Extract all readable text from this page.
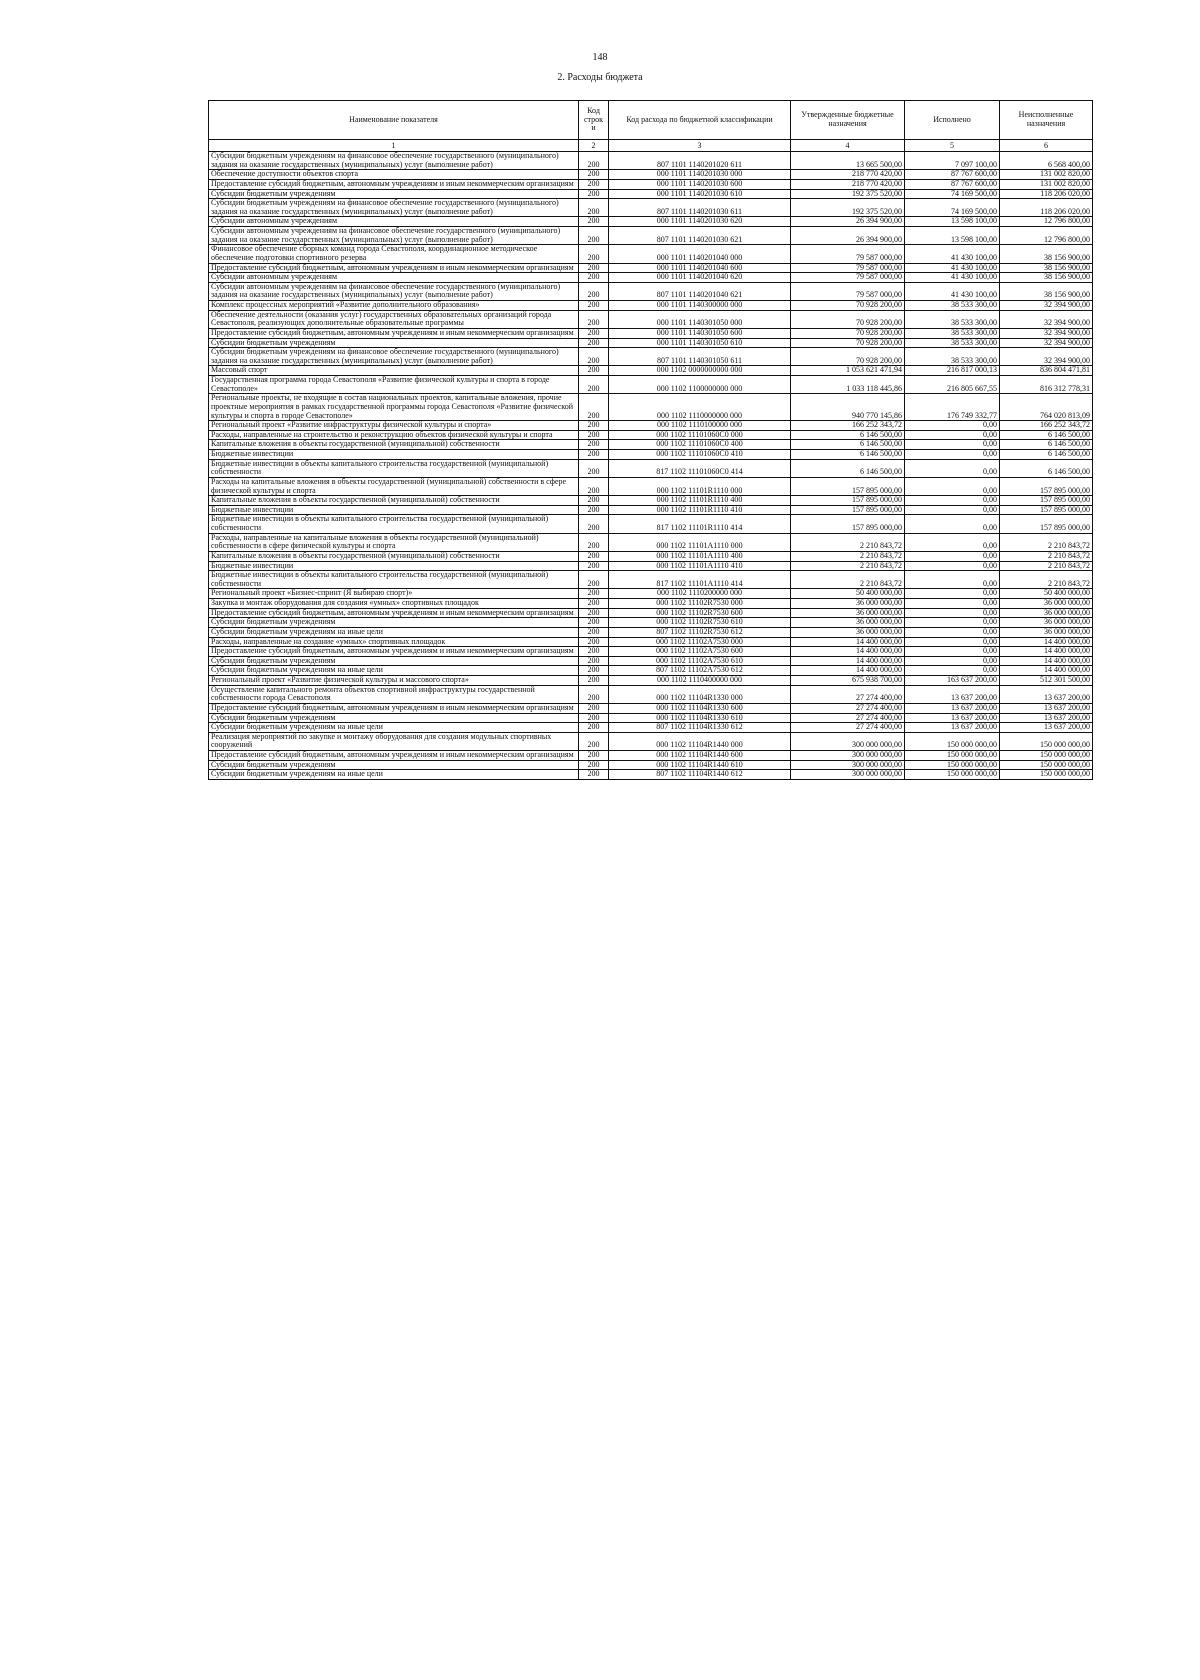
148
2. Расходы бюджета
Наименование показателя	Код строк и	Код расхода по бюджетной классификации	Утвержденные бюджетные назначения	Исполнено	Неисполненные назначения
1	2	3	4	5	6
Субсидии бюджетным учреждениям на финансовое обеспечение государственного (муниципального) задания на оказание государственных (муниципальных) услуг (выполнение работ)	200	807 1101 1140201020 611	13 665 500,00	7 097 100,00	6 568 400,00
Обеспечение доступности объектов спорта	200	000 1101 1140201030 000	218 770 420,00	87 767 600,00	131 002 820,00
Предоставление субсидий бюджетным, автономным учреждениям и иным некоммерческим организациям	200	000 1101 1140201030 600	218 770 420,00	87 767 600,00	131 002 820,00
Субсидии бюджетным учреждениям	200	000 1101 1140201030 610	192 375 520,00	74 169 500,00	118 206 020,00
Субсидии бюджетным учреждениям на финансовое обеспечение государственного (муниципального) задания на оказание государственных (муниципальных) услуг (выполнение работ)	200	807 1101 1140201030 611	192 375 520,00	74 169 500,00	118 206 020,00
Субсидии автономным учреждениям	200	000 1101 1140201030 620	26 394 900,00	13 598 100,00	12 796 800,00
Субсидии автономным учреждениям на финансовое обеспечение государственного (муниципального) задания на оказание государственных (муниципальных) услуг (выполнение работ)	200	807 1101 1140201030 621	26 394 900,00	13 598 100,00	12 796 800,00
Финансовое обеспечение сборных команд города Севастополя, координационное методическое обеспечение подготовки спортивного резерва	200	000 1101 1140201040 000	79 587 000,00	41 430 100,00	38 156 900,00
Предоставление субсидий бюджетным, автономным учреждениям и иным некоммерческим организациям	200	000 1101 1140201040 600	79 587 000,00	41 430 100,00	38 156 900,00
Субсидии автономным учреждениям	200	000 1101 1140201040 620	79 587 000,00	41 430 100,00	38 156 900,00
Субсидии автономным учреждениям на финансовое обеспечение государственного (муниципального) задания на оказание государственных (муниципальных) услуг (выполнение работ)	200	807 1101 1140201040 621	79 587 000,00	41 430 100,00	38 156 900,00
Комплекс процессных мероприятий «Развитие дополнительного образования»	200	000 1101 1140300000 000	70 928 200,00	38 533 300,00	32 394 900,00
Обеспечение деятельности (оказания услуг) государственных образовательных организаций города Севастополя, реализующих дополнительные образовательные программы	200	000 1101 1140301050 000	70 928 200,00	38 533 300,00	32 394 900,00
Предоставление субсидий бюджетным, автономным учреждениям и иным некоммерческим организациям	200	000 1101 1140301050 600	70 928 200,00	38 533 300,00	32 394 900,00
Субсидии бюджетным учреждениям	200	000 1101 1140301050 610	70 928 200,00	38 533 300,00	32 394 900,00
Субсидии бюджетным учреждениям на финансовое обеспечение государственного (муниципального) задания на оказание государственных (муниципальных) услуг (выполнение работ)	200	807 1101 1140301050 611	70 928 200,00	38 533 300,00	32 394 900,00
Массовый спорт	200	000 1102 0000000000 000	1 053 621 471,94	216 817 000,13	836 804 471,81
Государственная программа города Севастополя «Развитие физической культуры и спорта в городе Севастополе»	200	000 1102 1100000000 000	1 033 118 445,86	216 805 667,55	816 312 778,31
Региональные проекты, не входящие в состав национальных проектов, капитальные вложения, прочие проектные мероприятия в рамках государственной программы города Севастополя «Развитие физической культуры и спорта в городе Севастополе»	200	000 1102 1110000000 000	940 770 145,86	176 749 332,77	764 020 813,09
Региональный проект «Развитие инфраструктуры физической культуры и спорта»	200	000 1102 1110100000 000	166 252 343,72	0,00	166 252 343,72
Расходы, направленные на строительство и реконструкцию объектов физической культуры и спорта	200	000 1102 11101060C0 000	6 146 500,00	0,00	6 146 500,00
Капитальные вложения в объекты государственной (муниципальной) собственности	200	000 1102 11101060C0 400	6 146 500,00	0,00	6 146 500,00
Бюджетные инвестиции	200	000 1102 11101060C0 410	6 146 500,00	0,00	6 146 500,00
Бюджетные инвестиции в объекты капитального строительства государственной (муниципальной) собственности	200	817 1102 11101060C0 414	6 146 500,00	0,00	6 146 500,00
Расходы на капитальные вложения в объекты государственной (муниципальной) собственности в сфере физической культуры и спорта	200	000 1102 11101R1110 000	157 895 000,00	0,00	157 895 000,00
Капитальные вложения в объекты государственной (муниципальной) собственности	200	000 1102 11101R1110 400	157 895 000,00	0,00	157 895 000,00
Бюджетные инвестиции	200	000 1102 11101R1110 410	157 895 000,00	0,00	157 895 000,00
Бюджетные инвестиции в объекты капитального строительства государственной (муниципальной) собственности	200	817 1102 11101R1110 414	157 895 000,00	0,00	157 895 000,00
Расходы, направленные на капитальные вложения в объекты государственной (муниципальной) собственности в сфере физической культуры и спорта	200	000 1102 11101A1110 000	2 210 843,72	0,00	2 210 843,72
Капитальные вложения в объекты государственной (муниципальной) собственности	200	000 1102 11101A1110 400	2 210 843,72	0,00	2 210 843,72
Бюджетные инвестиции	200	000 1102 11101A1110 410	2 210 843,72	0,00	2 210 843,72
Бюджетные инвестиции в объекты капитального строительства государственной (муниципальной) собственности	200	817 1102 11101A1110 414	2 210 843,72	0,00	2 210 843,72
Региональный проект «Бизнес-спринт (Я выбираю спорт)»	200	000 1102 1110200000 000	50 400 000,00	0,00	50 400 000,00
Закупка и монтаж оборудования для создания «умных» спортивных площадок	200	000 1102 11102R7530 000	36 000 000,00	0,00	36 000 000,00
Предоставление субсидий бюджетным, автономным учреждениям и иным некоммерческим организациям	200	000 1102 11102R7530 600	36 000 000,00	0,00	36 000 000,00
Субсидии бюджетным учреждениям	200	000 1102 11102R7530 610	36 000 000,00	0,00	36 000 000,00
Субсидии бюджетным учреждениям на иные цели	200	807 1102 11102R7530 612	36 000 000,00	0,00	36 000 000,00
Расходы, направленные на создание «умных» спортивных площадок	200	000 1102 11102A7530 000	14 400 000,00	0,00	14 400 000,00
Предоставление субсидий бюджетным, автономным учреждениям и иным некоммерческим организациям	200	000 1102 11102A7530 600	14 400 000,00	0,00	14 400 000,00
Субсидии бюджетным учреждениям	200	000 1102 11102A7530 610	14 400 000,00	0,00	14 400 000,00
Субсидии бюджетным учреждениям на иные цели	200	807 1102 11102A7530 612	14 400 000,00	0,00	14 400 000,00
Региональный проект «Развитие физической культуры и массового спорта»	200	000 1102 1110400000 000	675 938 700,00	163 637 200,00	512 301 500,00
Осуществление капитального ремонта объектов спортивной инфраструктуры государственной собственности города Севастополя	200	000 1102 11104R1330 000	27 274 400,00	13 637 200,00	13 637 200,00
Предоставление субсидий бюджетным, автономным учреждениям и иным некоммерческим организациям	200	000 1102 11104R1330 600	27 274 400,00	13 637 200,00	13 637 200,00
Субсидии бюджетным учреждениям	200	000 1102 11104R1330 610	27 274 400,00	13 637 200,00	13 637 200,00
Субсидии бюджетным учреждениям на иные цели	200	807 1102 11104R1330 612	27 274 400,00	13 637 200,00	13 637 200,00
Реализация мероприятий по закупке и монтажу оборудования для создания модульных спортивных сооружений	200	000 1102 11104R1440 000	300 000 000,00	150 000 000,00	150 000 000,00
Предоставление субсидий бюджетным, автономным учреждениям и иным некоммерческим организациям	200	000 1102 11104R1440 600	300 000 000,00	150 000 000,00	150 000 000,00
Субсидии бюджетным учреждениям	200	000 1102 11104R1440 610	300 000 000,00	150 000 000,00	150 000 000,00
Субсидии бюджетным учреждениям на иные цели	200	807 1102 11104R1440 612	300 000 000,00	150 000 000,00	150 000 000,00
